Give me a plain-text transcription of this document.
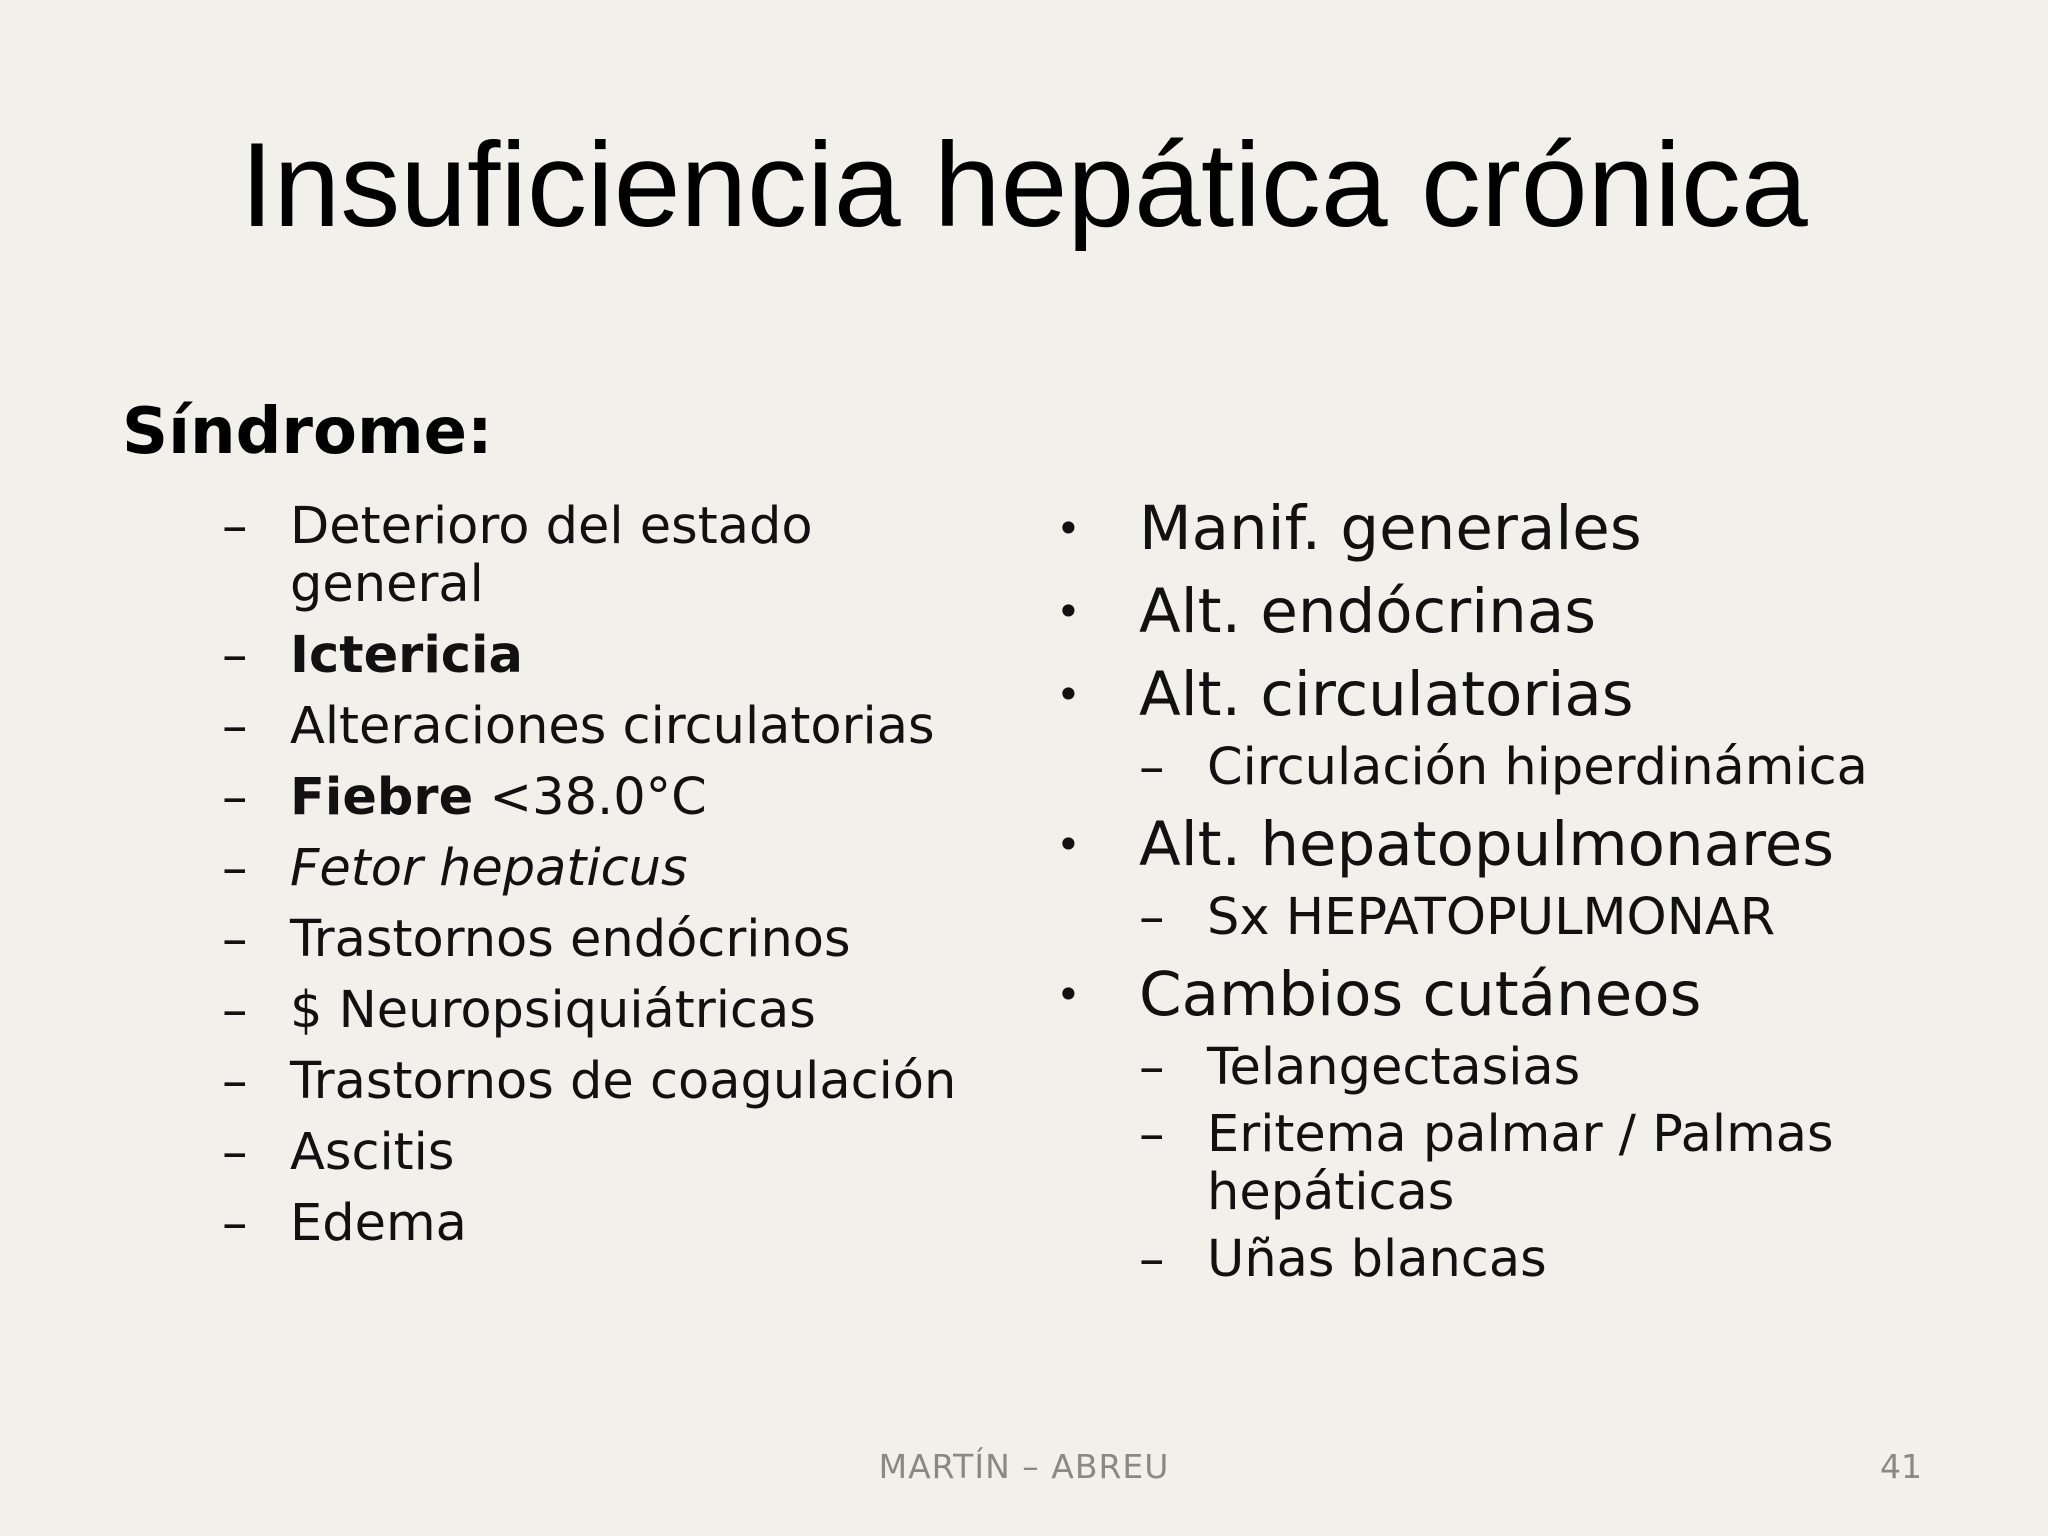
Insuficiencia hepática crónica
Síndrome:
– Deterioro del estado general
– Ictericia
– Alteraciones circulatorias
– Fiebre <38.0°C
– Fetor hepaticus
– Trastornos endócrinos
– $ Neuropsiquiátricas
– Trastornos de coagulación
– Ascitis
– Edema
• Manif. generales
• Alt. endócrinas
• Alt. circulatorias
– Circulación hiperdinámica
• Alt. hepatopulmonares
– Sx HEPATOPULMONAR
• Cambios cutáneos
– Telangectasias
– Eritema palmar / Palmas hepáticas
– Uñas blancas
MARTÍN – ABREU	41
